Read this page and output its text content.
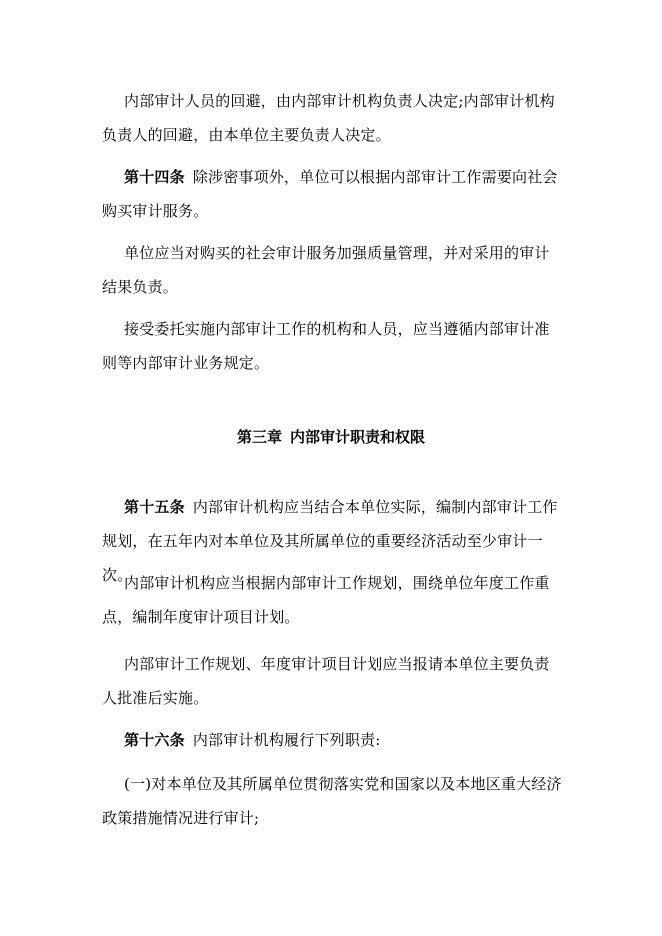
内部审计人员的回避，由内部审计机构负责人决定;内部审计机构负责人的回避，由本单位主要负责人决定。

第十四条 除涉密事项外，单位可以根据内部审计工作需要向社会购买审计服务。

单位应当对购买的社会审计服务加强质量管理，并对采用的审计结果负责。

接受委托实施内部审计工作的机构和人员，应当遵循内部审计准则等内部审计业务规定。

第三章 内部审计职责和权限

第十五条 内部审计机构应当结合本单位实际，编制内部审计工作规划，在五年内对本单位及其所属单位的重要经济活动至少审计一次。

内部审计机构应当根据内部审计工作规划，围绕单位年度工作重点，编制年度审计项目计划。

内部审计工作规划、年度审计项目计划应当报请本单位主要负责人批准后实施。

第十六条 内部审计机构履行下列职责:

(一)对本单位及其所属单位贯彻落实党和国家以及本地区重大经济政策措施情况进行审计;
